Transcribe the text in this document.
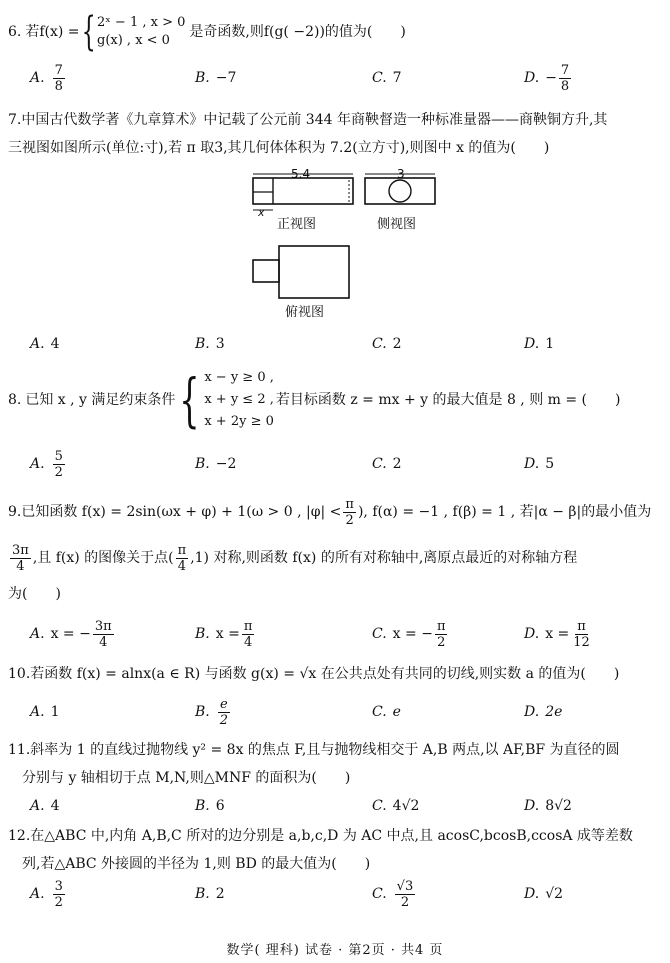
6. 若f(x) = { 2ˣ − 1 , x > 0
g(x) , x < 0
是奇函数,则f(g( −2))的值为(　　)
A. $\frac{7}{8}$	B. −7	C. 7	D. − $\frac{7}{8}$
7.中国古代数学著《九章算术》中记载了公元前 344 年商鞅督造一种标准量器——商鞅铜方升,其
三视图如图所示(单位:寸),若 π 取3,其几何体体积为 7.2(立方寸),则图中 x 的值为(　　)
5.4
x
3
正视图	侧视图
俯视图
A. 4	B. 3	C. 2	D. 1
8. 已知 x , y 满足约束条件 { x − y ≥ 0 ,
x + y ≤ 2 ,
x + 2y ≥ 0
若目标函数 z = mx + y 的最大值是 8 , 则 m = (　　)
A. $\frac{5}{2}$	B. −2	C. 2	D. 5
9. 已知函数 f(x) = 2sin(ωx + φ) + 1(ω > 0 , $|\varphi| < \frac{\pi}{2}$ ), f(α) = −1 , f(β) = 1 , 若|α − β|的最小值为
$\frac{3\pi}{4}$ ,且 f(x) 的图像关于点( $\frac{\pi}{4} ,1$) 对称,则函数 f(x) 的所有对称轴中,离原点最近的对称轴方程
为(　　)
A. x = − $\frac{3\pi}{4}$	B. $x = \frac{\pi}{4}$	C. x = − $\frac{\pi}{2}$	D. $x = \frac{\pi}{12}$
10.若函数 f(x) = alnx(a ∈ R) 与函数 g(x) = √x 在公共点处有共同的切线,则实数 a 的值为(　　)
A. 1	B. $\frac{e}{2}$	C. e	D. 2e
11.斜率为 1 的直线过抛物线 y² = 8x 的焦点 F,且与抛物线相交于 A,B 两点,以 AF,BF 为直径的圆
分别与 y 轴相切于点 M,N,则△MNF 的面积为(　　)
A. 4	B. 6	C. 4√2	D. 8√2
12.在△ABC 中,内角 A,B,C 所对的边分别是 a,b,c,D 为 AC 中点,且 acosC,bcosB,ccosA 成等差数
列,若△ABC 外接圆的半径为 1,则 BD 的最大值为(　　)
A. $\frac{3}{2}$	B. 2	C. $\frac{√3}{2}$	D. √2
数学( 理科) 试卷 · 第2页 · 共4 页
